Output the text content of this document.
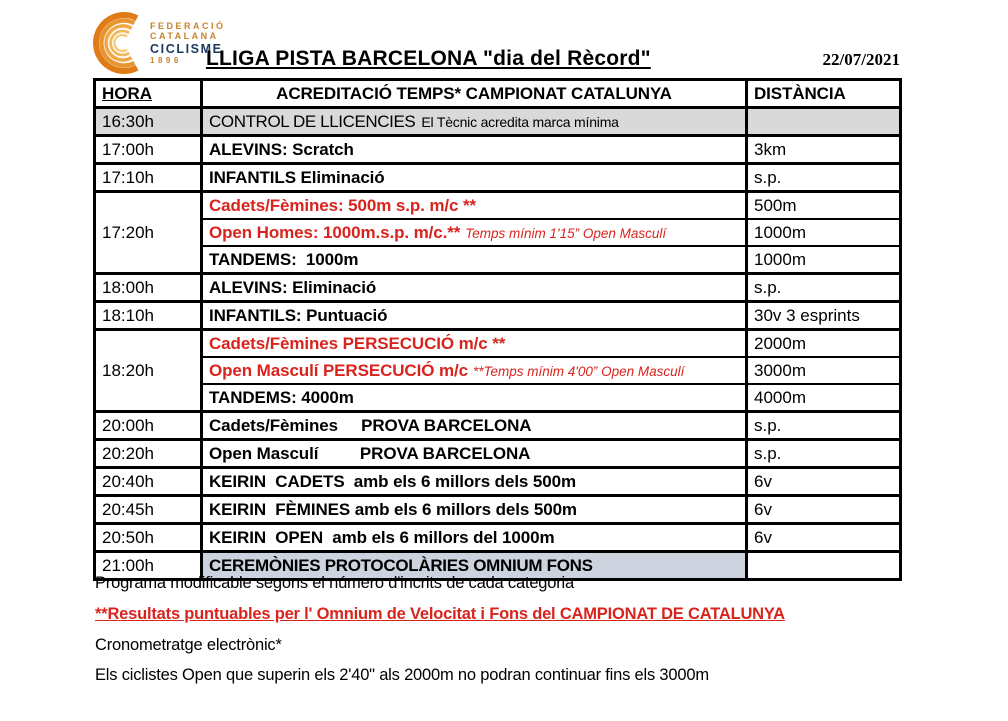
FEDERACIÓ
CATALANA
CICLISME
1896	LLIGA PISTA BARCELONA "dia del Rècord"	22/07/2021
HORA	ACREDITACIÓ TEMPS* CAMPIONAT CATALUNYA	DISTÀNCIA
16:30h	CONTROL DE LLICENCIES El Tècnic acredita marca mínima	
17:00h	ALEVINS: Scratch	3km
17:10h	INFANTILS Eliminació	s.p.
17:20h	Cadets/Fèmines: 500m s.p. m/c **	500m
	Open Homes: 1000m.s.p. m/c.** Temps mínim 1'15” Open Masculí	1000m
	TANDEMS:  1000m	1000m
18:00h	ALEVINS: Eliminació	s.p.
18:10h	INFANTILS: Puntuació	30v 3 esprints
18:20h	Cadets/Fèmines PERSECUCIÓ m/c **	2000m
	Open Masculí PERSECUCIÓ m/c **Temps mínim 4'00” Open Masculí	3000m
	TANDEMS: 4000m	4000m
20:00h	Cadets/Fèmines     PROVA BARCELONA	s.p.
20:20h	Open Masculí         PROVA BARCELONA	s.p.
20:40h	KEIRIN  CADETS  amb els 6 millors dels 500m	6v
20:45h	KEIRIN  FÈMINES amb els 6 millors dels 500m	6v
20:50h	KEIRIN  OPEN  amb els 6 millors del 1000m	6v
21:00h	CEREMÒNIES PROTOCOLÀRIES OMNIUM FONS	

Programa modificable segons el número d'incrits de cada categoria

**Resultats puntuables per l' Omnium de Velocitat i Fons del CAMPIONAT DE CATALUNYA

Cronometratge electrònic*

Els ciclistes Open que superin els 2'40" als 2000m no podran continuar fins els 3000m
